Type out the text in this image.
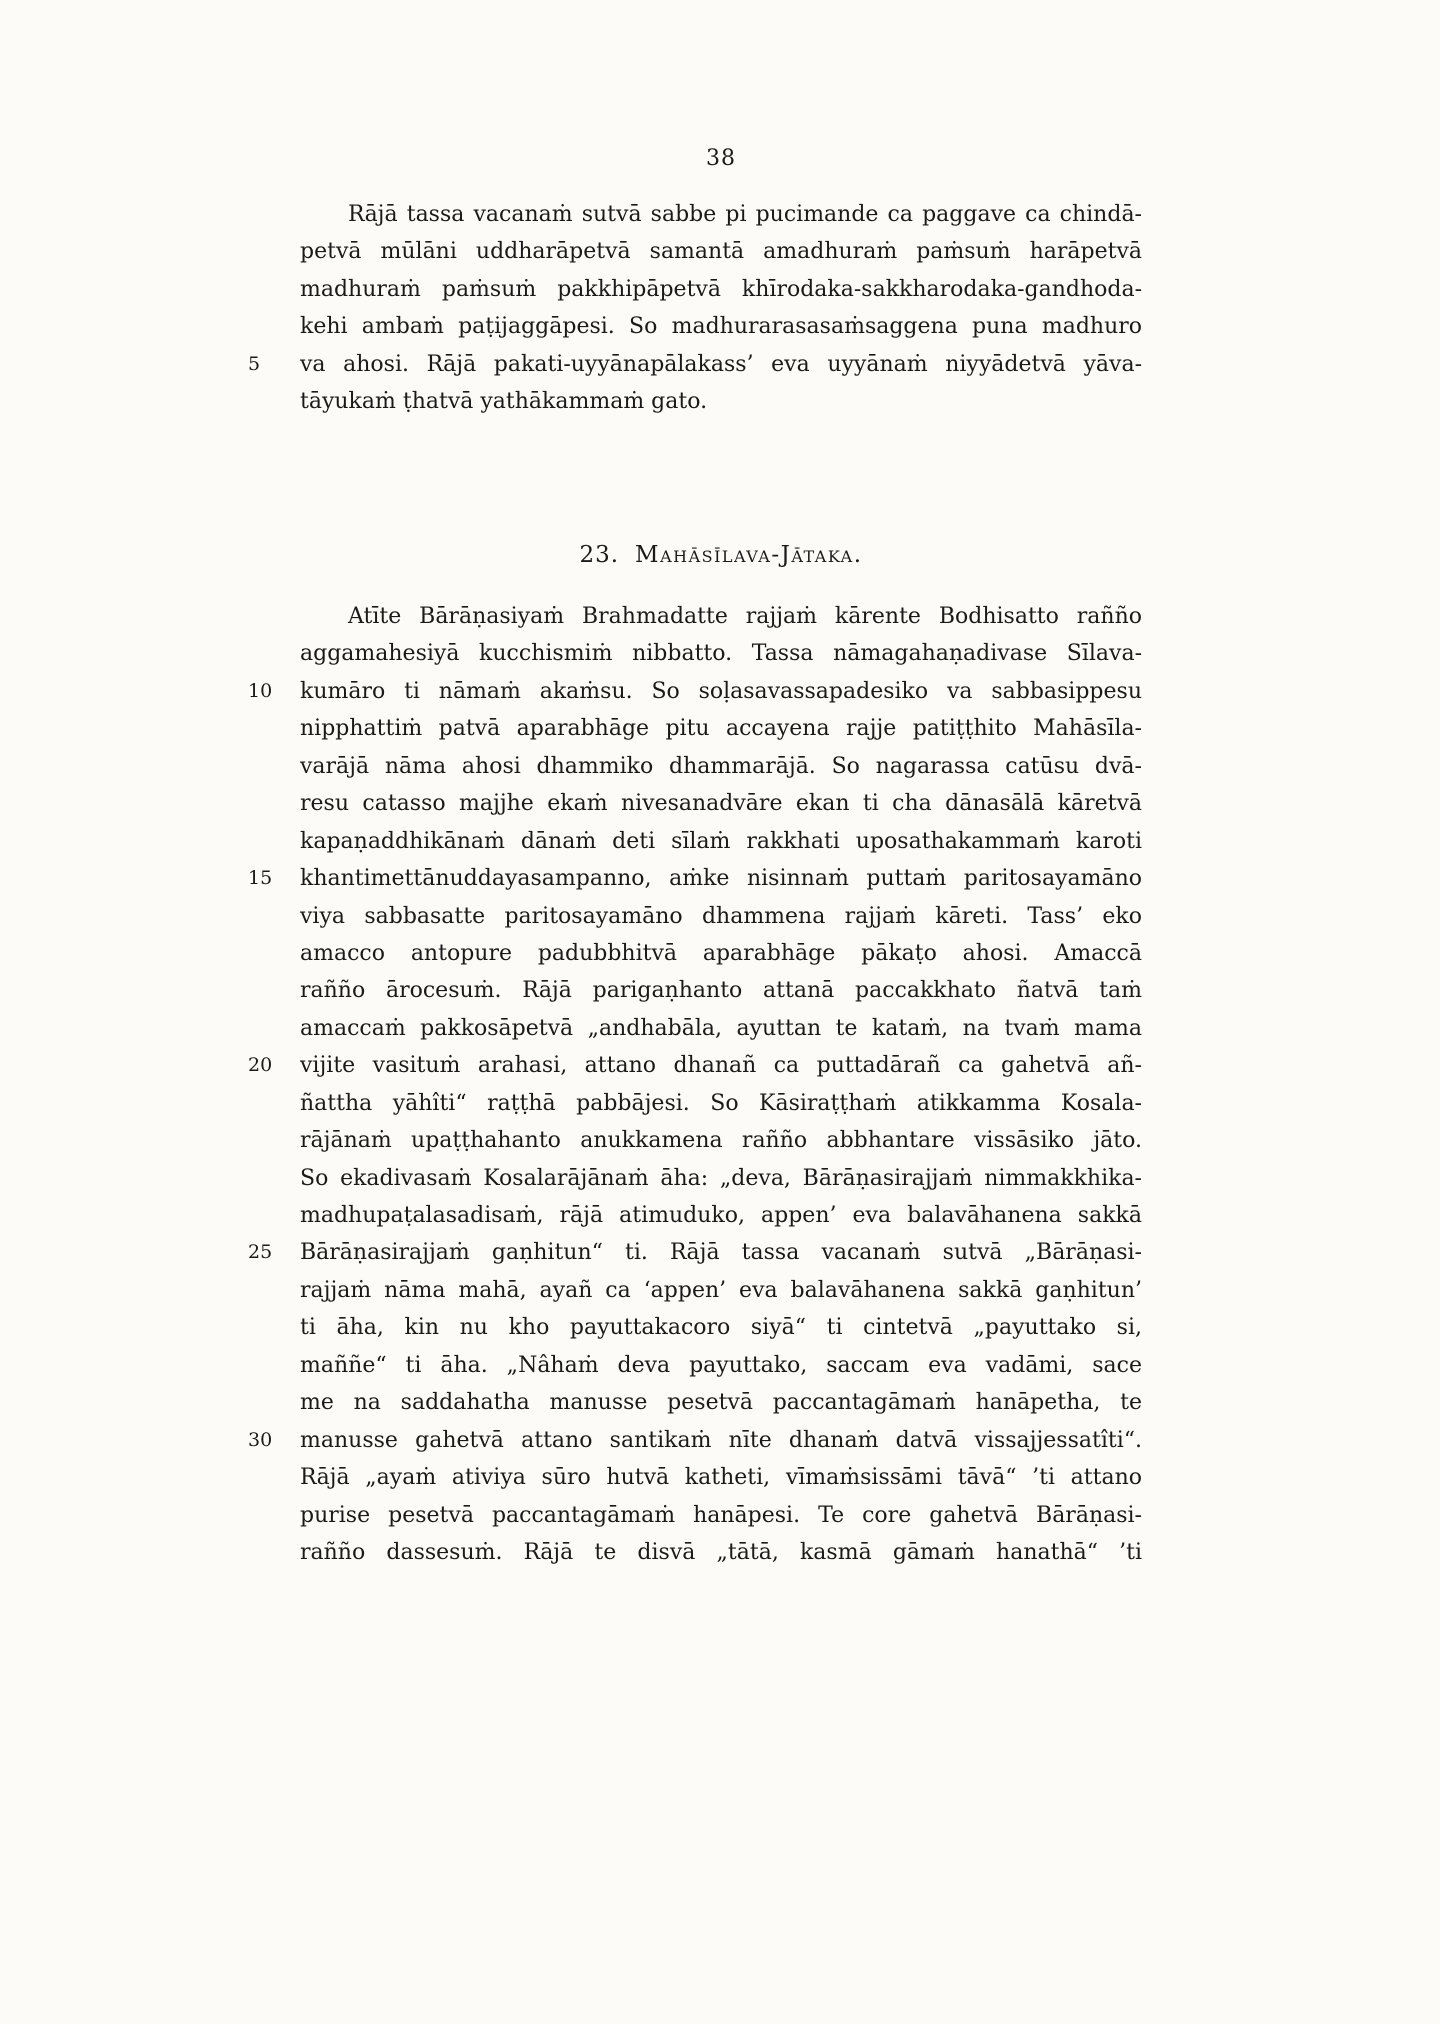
38
Rājā tassa vacanaṁ sutvā sabbe pi pucimande ca paggave ca chindā-
petvā mūlāni uddharāpetvā samantā amadhuraṁ paṁsuṁ harāpetvā
madhuraṁ paṁsuṁ pakkhipāpetvā khīrodaka-sakkharodaka-gandhoda-
kehi ambaṁ paṭijaggāpesi. So madhurarasasaṁsaggena puna madhuro
5	va ahosi. Rājā pakati-uyyānapālakass’ eva uyyānaṁ niyyādetvā yāva-
tāyukaṁ ṭhatvā yathākammaṁ gato.
23. Mahāsīlava-Jātaka.
Atīte Bārāṇasiyaṁ Brahmadatte rajjaṁ kārente Bodhisatto rañño
aggamahesiyā kucchismiṁ nibbatto. Tassa nāmagahaṇadivase Sīlava-
10	kumāro ti nāmaṁ akaṁsu. So soḷasavassapadesiko va sabbasippesu
nipphattiṁ patvā aparabhāge pitu accayena rajje patiṭṭhito Mahāsīla-
varājā nāma ahosi dhammiko dhammarājā. So nagarassa catūsu dvā-
resu catasso majjhe ekaṁ nivesanadvāre ekan ti cha dānasālā kāretvā
kapaṇaddhikānaṁ dānaṁ deti sīlaṁ rakkhati uposathakammaṁ karoti
15	khantimettānuddayasampanno, aṁke nisinnaṁ puttaṁ paritosayamāno
viya sabbasatte paritosayamāno dhammena rajjaṁ kāreti. Tass’ eko
amacco antopure padubbhitvā aparabhāge pākaṭo ahosi. Amaccā
rañño ārocesuṁ. Rājā parigaṇhanto attanā paccakkhato ñatvā taṁ
amaccaṁ pakkosāpetvā „andhabāla, ayuttan te kataṁ, na tvaṁ mama
20	vijite vasituṁ arahasi, attano dhanañ ca puttadārañ ca gahetvā añ-
ñattha yāhîti“ raṭṭhā pabbājesi. So Kāsiraṭṭhaṁ atikkamma Kosala-
rājānaṁ upaṭṭhahanto anukkamena rañño abbhantare vissāsiko jāto.
So ekadivasaṁ Kosalarājānaṁ āha: „deva, Bārāṇasirajjaṁ nimmakkhika-
madhupaṭalasadisaṁ, rājā atimuduko, appen’ eva balavāhanena sakkā
25	Bārāṇasirajjaṁ gaṇhitun“ ti. Rājā tassa vacanaṁ sutvā „Bārāṇasi-
rajjaṁ nāma mahā, ayañ ca ‘appen’ eva balavāhanena sakkā gaṇhitun’
ti āha, kin nu kho payuttakacoro siyā“ ti cintetvā „payuttako si,
maññe“ ti āha. „Nâhaṁ deva payuttako, saccam eva vadāmi, sace
me na saddahatha manusse pesetvā paccantagāmaṁ hanāpetha, te
30	manusse gahetvā attano santikaṁ nīte dhanaṁ datvā vissajjessatîti“.
Rājā „ayaṁ ativiya sūro hutvā katheti, vīmaṁsissāmi tāvā“ ’ti attano
purise pesetvā paccantagāmaṁ hanāpesi. Te core gahetvā Bārāṇasi-
rañño dassesuṁ. Rājā te disvā „tātā, kasmā gāmaṁ hanathā“ ’ti
